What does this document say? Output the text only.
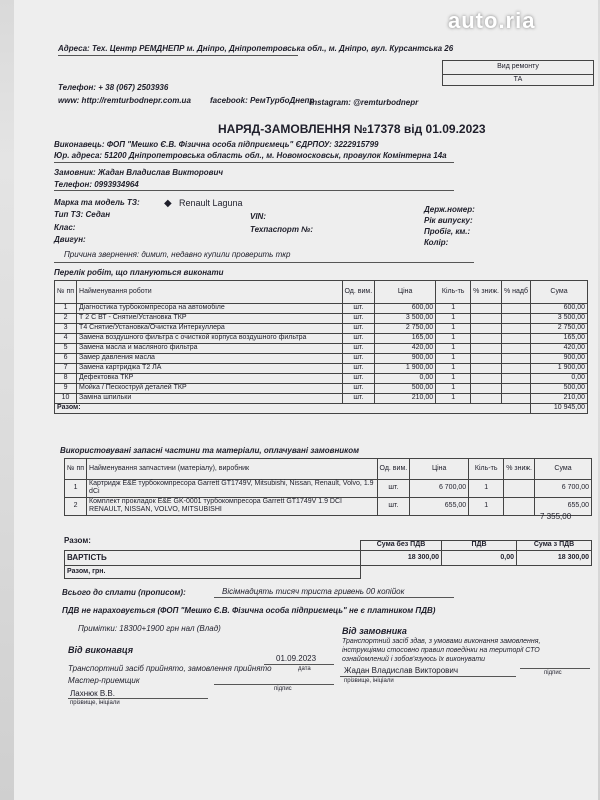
auto.ria
Адреса: Тех. Центр РЕМДНЕПР м. Дніпро, Дніпропетровська обл., м. Дніпро, вул. Курсантська 26
Вид ремонту
ТА
Телефон: + 38 (067) 2503936
www: http://remturbodnepr.com.ua facebook: РемТурбоДнепр
instagram: @remturbodnepr
НАРЯД-ЗАМОВЛЕННЯ №17378 від 01.09.2023
Виконавець: ФОП "Мешко Є.В. Фізична особа підприємець" ЄДРПОУ: 3222915799
Юр. адреса: 51200 Дніпропетровська область обл., м. Новомосковськ, провулок Комінтерна 14а
Замовник: Жадан Владислав Викторович
Телефон: 0993934964
Марка та модель ТЗ: ◆ Renault Laguna
Тип ТЗ: Седан	VIN:
Клас:	Техпаспорт №:
Двигун:
Держ.номер:
Рік випуску:
Пробіг, км.:
Колір:
Причина звернення: димит, недавно купили проверить ткр
Перелік робіт, що плануються виконати
№ пп	Найменування роботи	Од. вим.	Ціна	Кіль-ть	% зниж.	% надб	Сума
1	Діагностика турбокомпресора на автомобіле	шт.	600,00	1			600,00
2	Т 2 С ВТ - Снятие/Установка ТКР	шт.	3 500,00	1			3 500,00
3	Т4 Снятие/Установка/Очистка Интеркуллера	шт.	2 750,00	1			2 750,00
4	Замена воздушного фильтра с очисткой корпуса воздушного фильтра	шт.	165,00	1			165,00
5	Замена масла и масляного фильтра	шт.	420,00	1			420,00
6	Замер давления масла	шт.	900,00	1			900,00
7	Замена картриджа Т2 ЛА	шт.	1 900,00	1			1 900,00
8	Дефектовка ТКР	шт.	0,00	1			0,00
9	Мойка / Пескоструй деталей ТКР	шт.	500,00	1			500,00
10	Заміна шпильки	шт.	210,00	1			210,00
Разом:							10 945,00
Використовувані запасні частини та матеріали, оплачувані замовником
№ пп	Найменування запчастини (матеріалу), виробник	Од. вим.	Ціна	Кіль-ть	% зниж.	Сума
1	Картридж E&E турбокомпресора Garrett GT1749V, Mitsubishi, Nissan, Renault, Volvo, 1.9 dCi	шт.	6 700,00	1		6 700,00
2	Комплект прокладок E&E GK-0001 турбокомпресора Garrett GT1749V 1.9 DCI RENAULT, NISSAN, VOLVO, MITSUBISHI	шт.	655,00	1		655,00
7 355,00
Разом:
		Сума без ПДВ	ПДВ	Сума з ПДВ
ВАРТІСТЬ	18 300,00	0,00	18 300,00
Разом, грн.			
Всього до сплати (прописом):	Вісімнадцять тисяч триста гривень 00 копійок
ПДВ не нараховується (ФОП "Мешко Є.В. Фізична особа підприємець" не є платником ПДВ)
Примітки: 18300+1900 грн нал (Влад)
Від виконавця
Транспортний засіб прийнято, замовлення прийнято
01.09.2023
дата
Мастер-приемщик
підпис
Лахнюк В.В.
прізвище, ініціали
Від замовника
Транспортний засіб здав, з умовами виконання замовлення,
інструкціями стосовно правил поведінки на території СТО
ознайомлений і зобов'язуюсь їх виконувати
Жадан Владислав Викторович
прізвище, ініціали
підпис
